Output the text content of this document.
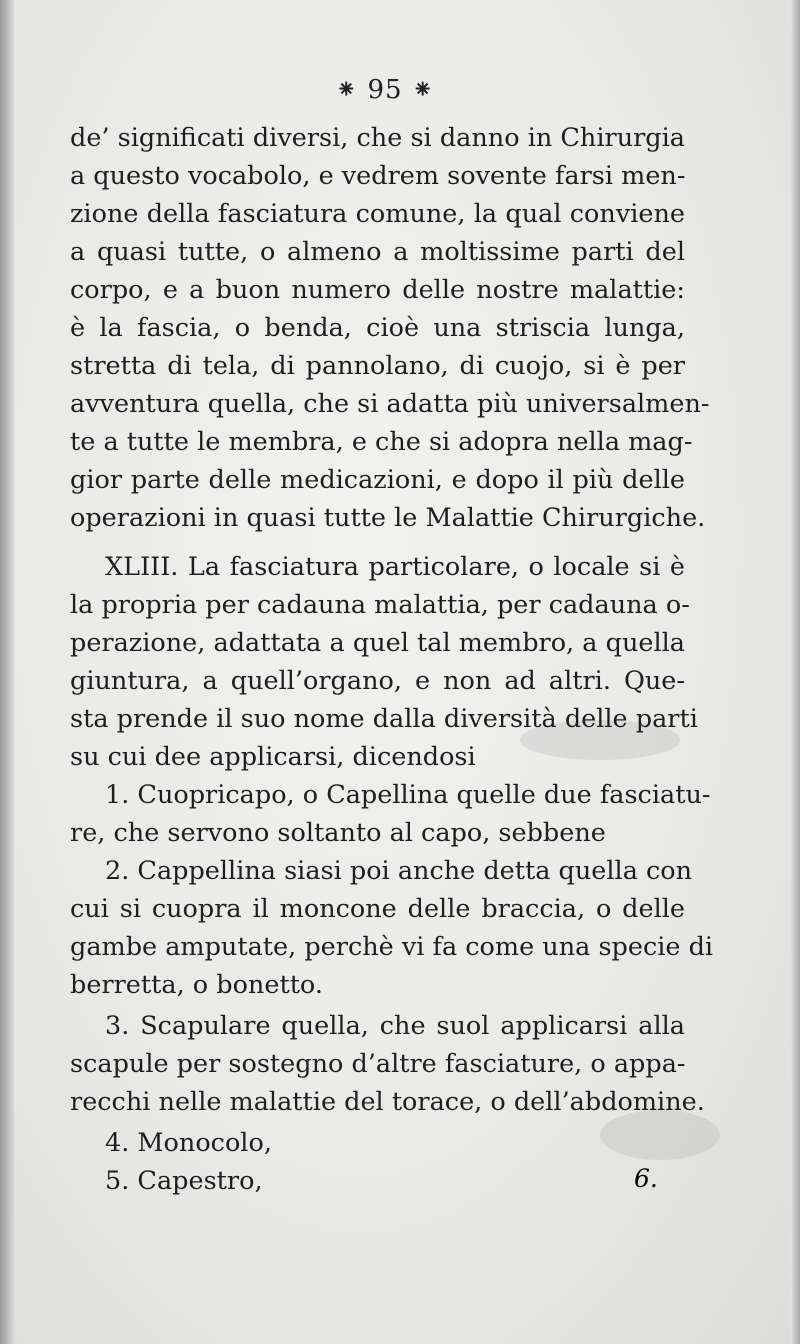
⁕ 95 ⁕
de’ significati diversi, che si danno in Chirurgia
a questo vocabolo, e vedrem sovente farsi men-
zione della fasciatura comune, la qual conviene
a quasi tutte, o almeno a moltissime parti del
corpo, e a buon numero delle nostre malattie:
è la fascia, o benda, cioè una striscia lunga,
stretta di tela, di pannolano, di cuojo, si è per
avventura quella, che si adatta più universalmen-
te a tutte le membra, e che si adopra nella mag-
gior parte delle medicazioni, e dopo il più delle
operazioni in quasi tutte le Malattie Chirurgiche.
XLIII. La fasciatura particolare, o locale si è
la propria per cadauna malattia, per cadauna o-
perazione, adattata a quel tal membro, a quella
giuntura, a quell’organo, e non ad altri. Que-
sta prende il suo nome dalla diversità delle parti
su cui dee applicarsi, dicendosi
1. Cuopricapo, o Capellina quelle due fasciatu-
re, che servono soltanto al capo, sebbene
2. Cappellina siasi poi anche detta quella con
cui si cuopra il moncone delle braccia, o delle
gambe amputate, perchè vi fa come una specie di
berretta, o bonetto.
3. Scapulare quella, che suol applicarsi alla
scapule per sostegno d’altre fasciature, o appa-
recchi nelle malattie del torace, o dell’abdomine.
4. Monocolo,
5. Capestro,	6.
